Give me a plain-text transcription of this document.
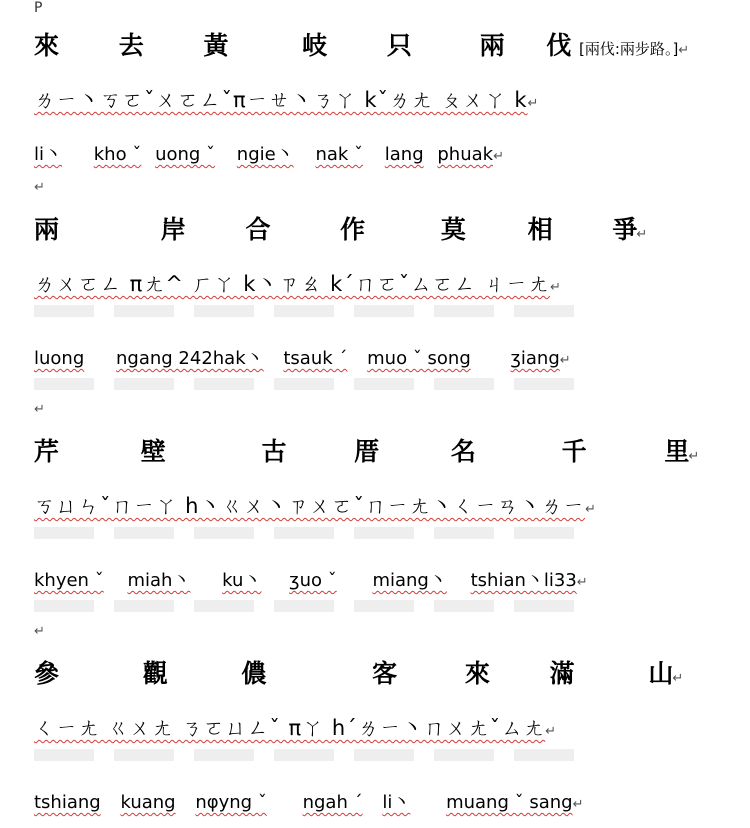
P
來 去 黃	岐 只	兩 伐 [兩伐:兩步路。]↵
ㄌㄧ丶ㄎㄛˇㄨㄛㄥˇπㄧㄝ丶ㄋㄚ kˇㄌㄤ ㄆㄨㄚ k↵
li丶 kho ˇ uong ˇ ngie丶 nak ˇ lang phuak↵
↵
兩	岸 合	作	莫 相 爭↵
ㄌㄨㄛㄥ πㄤ^ ㄏㄚ k丶ㄗㄠ kˊㄇㄛˇㄙㄛㄥ ㄐㄧㄤ↵
luong ngang 242hak丶 tsauk ˊ muo ˇ song ʒiang↵
↵
芹	壁	古	厝	名	千	里↵
ㄎㄩㄣˇㄇㄧㄚ h丶ㄍㄨ丶ㄗㄨㄛˇㄇㄧㄤ丶ㄑㄧㄢ丶ㄌㄧ↵
khyen ˇ miah丶 ku丶 ʒuo ˇ miang丶 tshian丶li33↵
↵
參	觀	儂	客	來 滿	山↵
ㄑㄧㄤ ㄍㄨㄤ ㄋㄛㄩㄥˇ πㄚ hˊㄌㄧ丶ㄇㄨㄤˇㄙㄤ↵
tshiang kuang nφyng ˇ ngah ˊ li丶 muang ˇ sang↵
